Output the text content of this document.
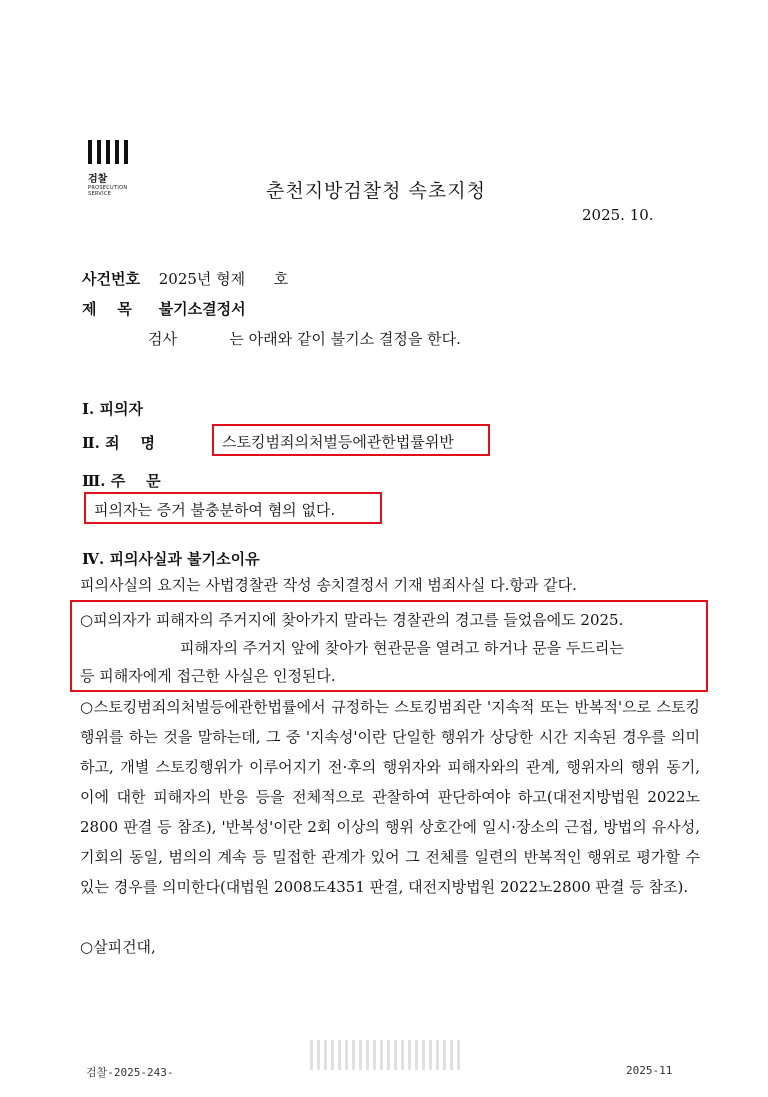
검찰
PROSECUTION SERVICE	춘천지방검찰청 속초지청
2025. 10.
사건번호 2025년 형제      호
제    목 불기소결정서
검사           는 아래와 같이 불기소 결정을 한다.
Ⅰ. 피의자
Ⅱ. 죄    명	스토킹범죄의처벌등에관한법률위반
Ⅲ. 주    문
피의자는 증거 불충분하여 혐의 없다.
Ⅳ. 피의사실과 불기소이유
피의사실의 요지는 사법경찰관 작성 송치결정서 기재 범죄사실 다.항과 같다.
○피의자가 피해자의 주거지에 찾아가지 말라는 경찰관의 경고를 들었음에도 2025.
피해자의 주거지 앞에 찾아가 현관문을 열려고 하거나 문을 두드리는
등 피해자에게 접근한 사실은 인정된다.
○스토킹범죄의처벌등에관한법률에서 규정하는 스토킹범죄란 '지속적 또는 반복적'으로 스토킹행위를 하는 것을 말하는데, 그 중 '지속성'이란 단일한 행위가 상당한 시간 지속된 경우를 의미하고, 개별 스토킹행위가 이루어지기 전·후의 행위자와 피해자와의 관계, 행위자의 행위 동기, 이에 대한 피해자의 반응 등을 전체적으로 관찰하여 판단하여야 하고(대전지방법원 2022노2800 판결 등 참조), '반복성'이란 2회 이상의 행위 상호간에 일시·장소의 근접, 방법의 유사성, 기회의 동일, 범의의 계속 등 밀접한 관계가 있어 그 전체를 일련의 반복적인 행위로 평가할 수 있는 경우를 의미한다(대법원 2008도4351 판결, 대전지방법원 2022노2800 판결 등 참조).
○살피건대,
검찰-2025-243-	2025-11
